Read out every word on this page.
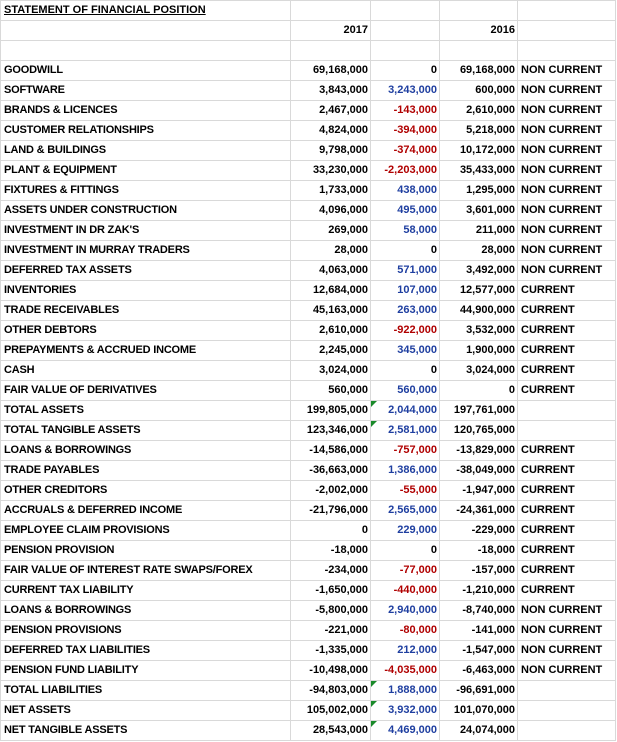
STATEMENT OF FINANCIAL POSITION				
	2017		2016	

GOODWILL	69,168,000	0	69,168,000	NON CURRENT
SOFTWARE	3,843,000	3,243,000	600,000	NON CURRENT
BRANDS & LICENCES	2,467,000	-143,000	2,610,000	NON CURRENT
CUSTOMER RELATIONSHIPS	4,824,000	-394,000	5,218,000	NON CURRENT
LAND & BUILDINGS	9,798,000	-374,000	10,172,000	NON CURRENT
PLANT & EQUIPMENT	33,230,000	-2,203,000	35,433,000	NON CURRENT
FIXTURES & FITTINGS	1,733,000	438,000	1,295,000	NON CURRENT
ASSETS UNDER CONSTRUCTION	4,096,000	495,000	3,601,000	NON CURRENT
INVESTMENT IN DR ZAK'S	269,000	58,000	211,000	NON CURRENT
INVESTMENT IN MURRAY TRADERS	28,000	0	28,000	NON CURRENT
DEFERRED TAX ASSETS	4,063,000	571,000	3,492,000	NON CURRENT
INVENTORIES	12,684,000	107,000	12,577,000	CURRENT
TRADE RECEIVABLES	45,163,000	263,000	44,900,000	CURRENT
OTHER DEBTORS	2,610,000	-922,000	3,532,000	CURRENT
PREPAYMENTS & ACCRUED INCOME	2,245,000	345,000	1,900,000	CURRENT
CASH	3,024,000	0	3,024,000	CURRENT
FAIR VALUE OF DERIVATIVES	560,000	560,000	0	CURRENT
TOTAL ASSETS	199,805,000	2,044,000	197,761,000	
TOTAL TANGIBLE ASSETS	123,346,000	2,581,000	120,765,000	
LOANS & BORROWINGS	-14,586,000	-757,000	-13,829,000	CURRENT
TRADE PAYABLES	-36,663,000	1,386,000	-38,049,000	CURRENT
OTHER CREDITORS	-2,002,000	-55,000	-1,947,000	CURRENT
ACCRUALS & DEFERRED INCOME	-21,796,000	2,565,000	-24,361,000	CURRENT
EMPLOYEE CLAIM PROVISIONS	0	229,000	-229,000	CURRENT
PENSION PROVISION	-18,000	0	-18,000	CURRENT
FAIR VALUE OF INTEREST RATE SWAPS/FOREX	-234,000	-77,000	-157,000	CURRENT
CURRENT TAX LIABILITY	-1,650,000	-440,000	-1,210,000	CURRENT
LOANS & BORROWINGS	-5,800,000	2,940,000	-8,740,000	NON CURRENT
PENSION PROVISIONS	-221,000	-80,000	-141,000	NON CURRENT
DEFERRED TAX LIABILITIES	-1,335,000	212,000	-1,547,000	NON CURRENT
PENSION FUND LIABILITY	-10,498,000	-4,035,000	-6,463,000	NON CURRENT
TOTAL LIABILITIES	-94,803,000	1,888,000	-96,691,000	
NET ASSETS	105,002,000	3,932,000	101,070,000	
NET TANGIBLE ASSETS	28,543,000	4,469,000	24,074,000	
